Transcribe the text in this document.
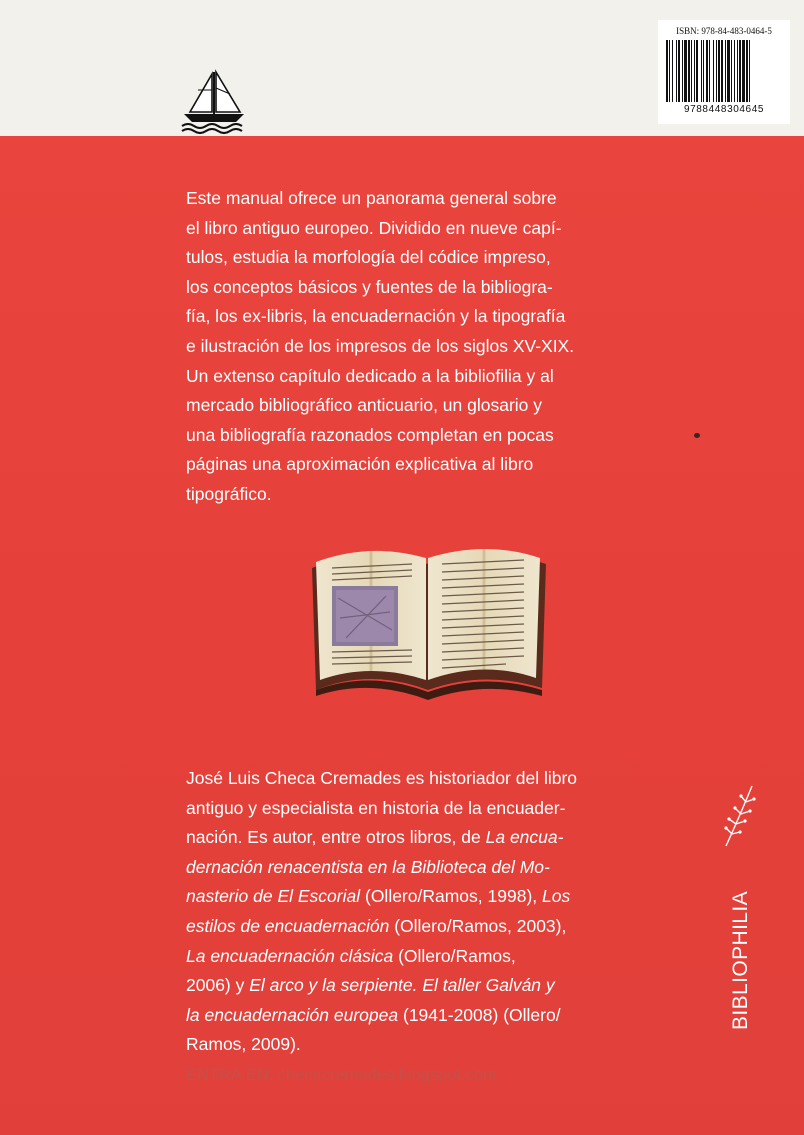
ISBN: 978-84-483-0464-5
9788448304645

Este manual ofrece un panorama general sobre
el libro antiguo europeo. Dividido en nueve capí-
tulos, estudia la morfología del códice impreso,
los conceptos básicos y fuentes de la bibliogra-
fía, los ex-libris, la encuadernación y la tipografía
e ilustración de los impresos de los siglos XV-XIX.
Un extenso capítulo dedicado a la bibliofilia y al
mercado bibliográfico anticuario, un glosario y
una bibliografía razonados completan en pocas
páginas una aproximación explicativa al libro
tipográfico.

José Luis Checa Cremades es historiador del libro
antiguo y especialista en historia de la encuader-
nación. Es autor, entre otros libros, de La encua-
dernación renacentista en la Biblioteca del Mo-
nasterio de El Escorial (Ollero/Ramos, 1998), Los
estilos de encuadernación (Ollero/Ramos, 2003),
La encuadernación clásica (Ollero/Ramos,
2006) y El arco y la serpiente. El taller Galván y
la encuadernación europea (1941-2008) (Ollero/
Ramos, 2009).

BIBLIOPHILIA
ENTRA EN: checacremades.blogspot.com
